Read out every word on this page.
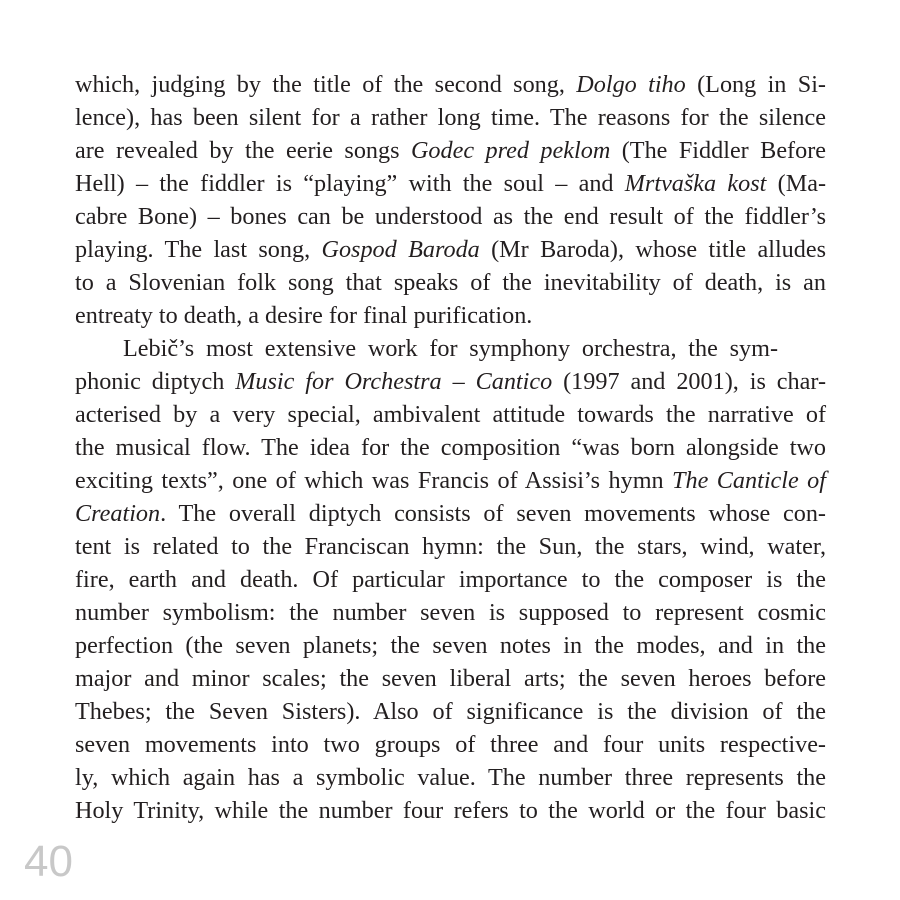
which, judging by the title of the second song, Dolgo tiho (Long in Si-
lence), has been silent for a rather long time. The reasons for the silence
are revealed by the eerie songs Godec pred peklom (The Fiddler Before
Hell) – the fiddler is “playing” with the soul – and Mrtvaška kost (Ma-
cabre Bone) – bones can be understood as the end result of the fiddler’s
playing. The last song, Gospod Baroda (Mr Baroda), whose title alludes
to a Slovenian folk song that speaks of the inevitability of death, is an
entreaty to death, a desire for final purification.
Lebič’s most extensive work for symphony orchestra, the sym-
phonic diptych Music for Orchestra – Cantico (1997 and 2001), is char-
acterised by a very special, ambivalent attitude towards the narrative of
the musical flow. The idea for the composition “was born alongside two
exciting texts”, one of which was Francis of Assisi’s hymn The Canticle of
Creation. The overall diptych consists of seven movements whose con-
tent is related to the Franciscan hymn: the Sun, the stars, wind, water,
fire, earth and death. Of particular importance to the composer is the
number symbolism: the number seven is supposed to represent cosmic
perfection (the seven planets; the seven notes in the modes, and in the
major and minor scales; the seven liberal arts; the seven heroes before
Thebes; the Seven Sisters). Also of significance is the division of the
seven movements into two groups of three and four units respective-
ly, which again has a symbolic value. The number three represents the
Holy Trinity, while the number four refers to the world or the four basic
40
